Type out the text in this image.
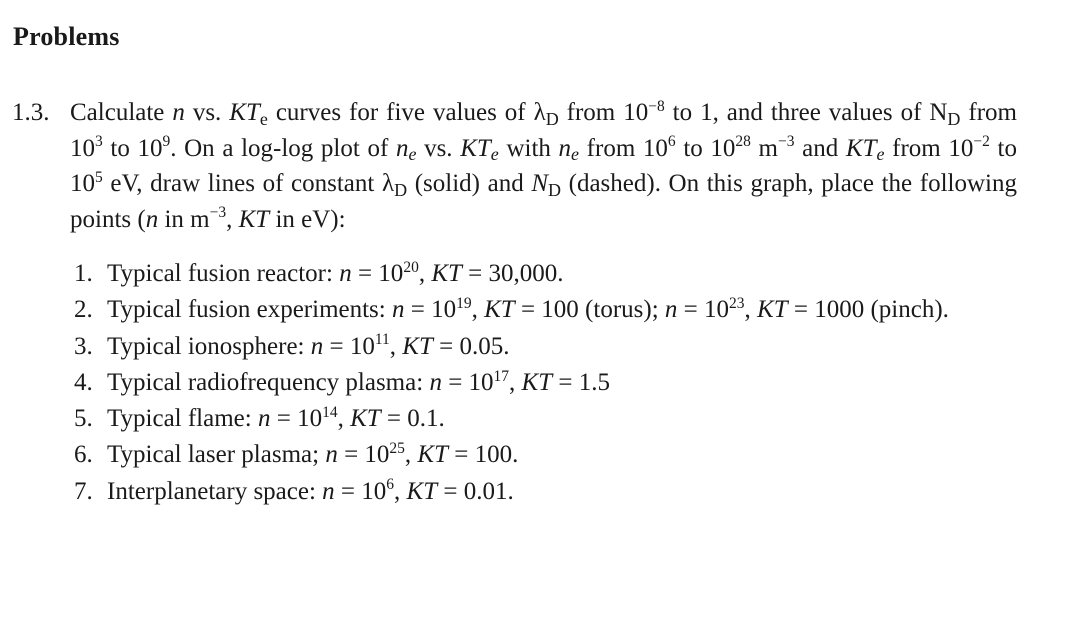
Problems
1.3. Calculate n vs. $KT_e$ curves for five values of $\lambda_D$ from $10^{-8}$ to 1, and three values of $N_D$ from $10^3$ to $10^9$. On a log-log plot of $n_e$ vs. $KT_e$ with $n_e$ from $10^6$ to $10^{28}$ $m^{-3}$ and $KT_e$ from $10^{-2}$ to $10^5$ eV, draw lines of constant $\lambda_D$ (solid) and $N_D$ (dashed). On this graph, place the following points (n in $m^{-3}$, KT in eV):
1. Typical fusion reactor: $n = 10^{20}$, KT = 30,000.
2. Typical fusion experiments: $n = 10^{19}$, KT = 100 (torus); $n = 10^{23}$, KT = 1000 (pinch).
3. Typical ionosphere: $n = 10^{11}$, KT = 0.05.
4. Typical radiofrequency plasma: $n = 10^{17}$, KT = 1.5
5. Typical flame: $n = 10^{14}$, KT = 0.1.
6. Typical laser plasma; $n = 10^{25}$, KT = 100.
7. Interplanetary space: $n = 10^6$, KT = 0.01.
